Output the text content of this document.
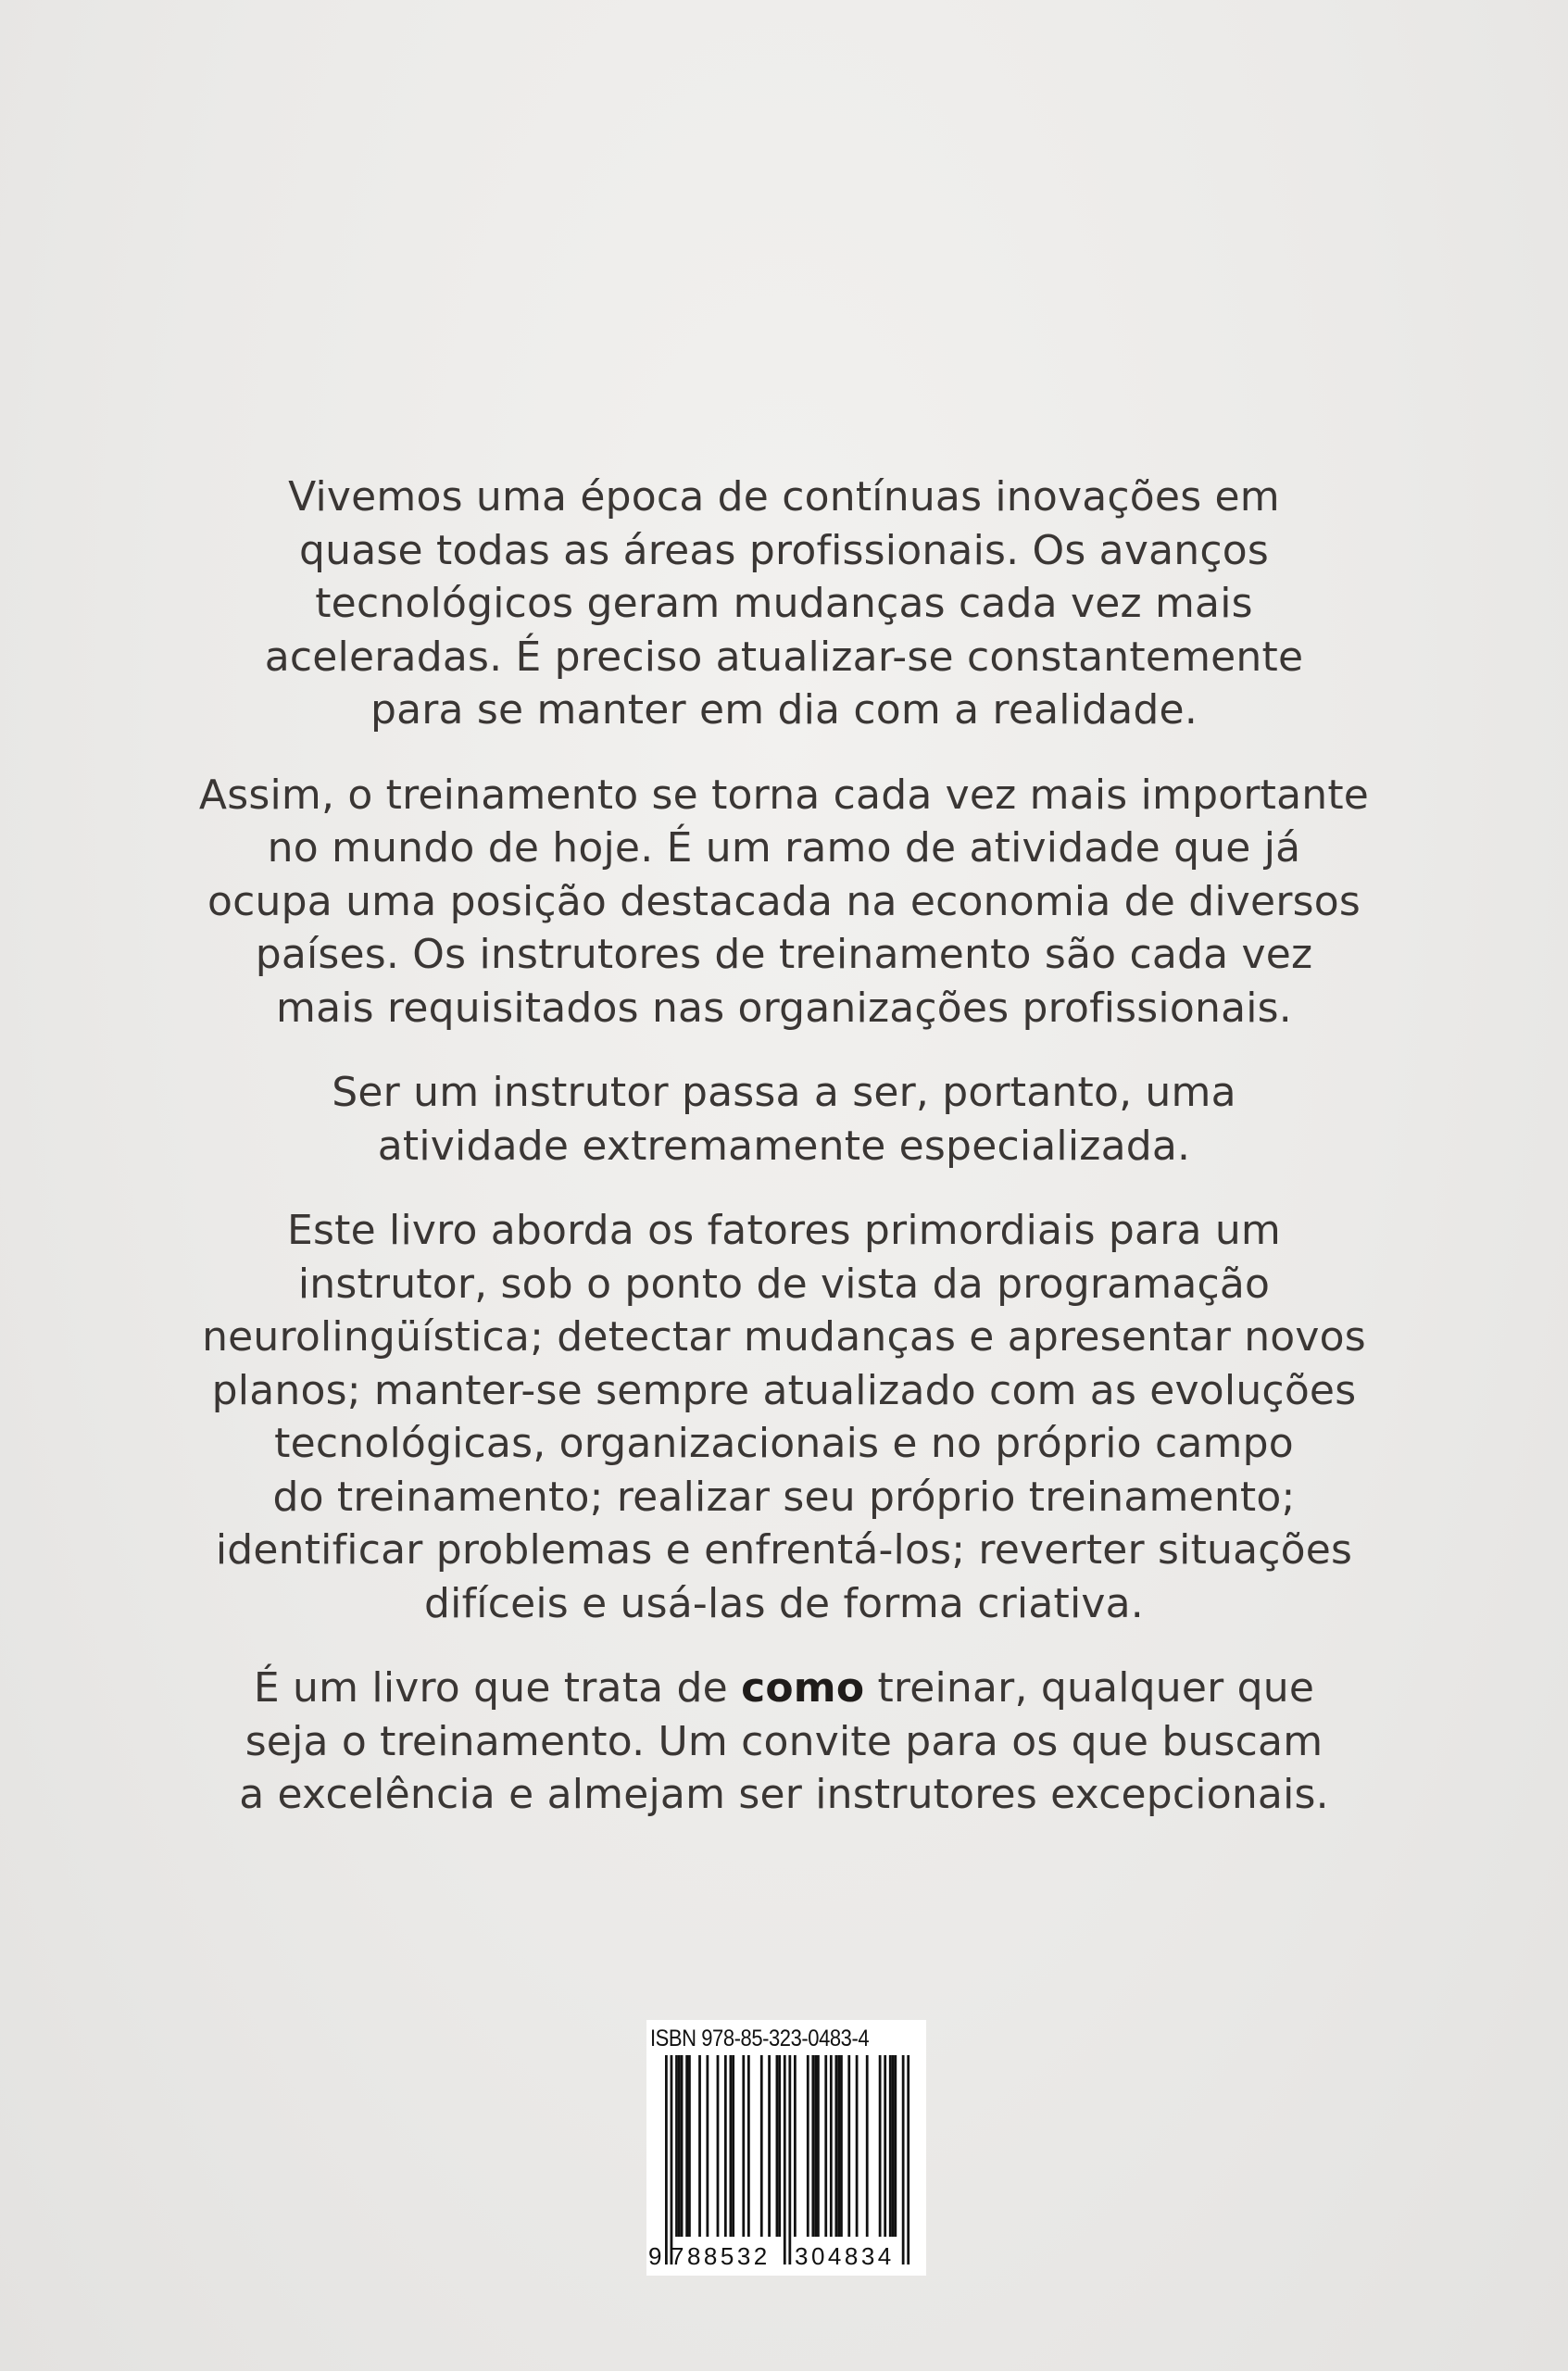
Vivemos uma época de contínuas inovações em
quase todas as áreas profissionais. Os avanços
tecnológicos geram mudanças cada vez mais
aceleradas. É preciso atualizar-se constantemente
para se manter em dia com a realidade.
Assim, o treinamento se torna cada vez mais importante
no mundo de hoje. É um ramo de atividade que já
ocupa uma posição destacada na economia de diversos
países. Os instrutores de treinamento são cada vez
mais requisitados nas organizações profissionais.
Ser um instrutor passa a ser, portanto, uma
atividade extremamente especializada.
Este livro aborda os fatores primordiais para um
instrutor, sob o ponto de vista da programação
neurolingüística; detectar mudanças e apresentar novos
planos; manter-se sempre atualizado com as evoluções
tecnológicas, organizacionais e no próprio campo
do treinamento; realizar seu próprio treinamento;
identificar problemas e enfrentá-los; reverter situações
difíceis e usá-las de forma criativa.
É um livro que trata de como treinar, qualquer que
seja o treinamento. Um convite para os que buscam
a excelência e almejam ser instrutores excepcionais.
ISBN 978-85-323-0483-4
9 788532 304834
